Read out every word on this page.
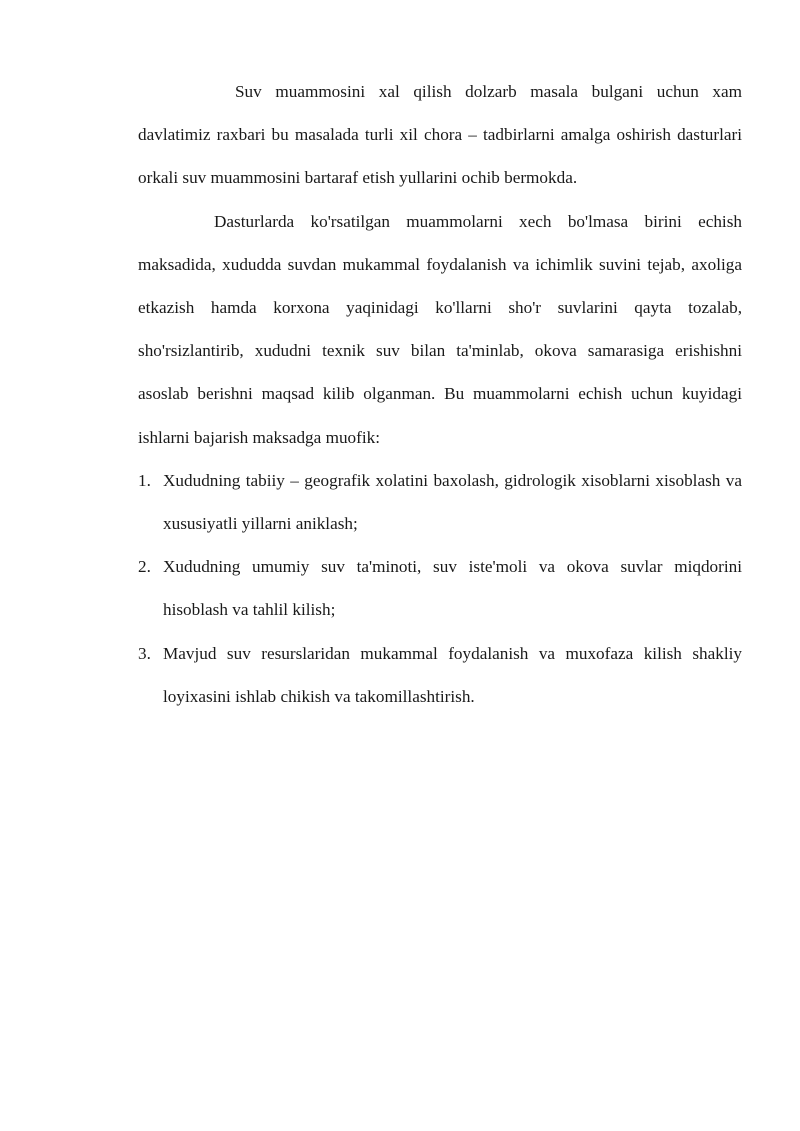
Suv muammosini xal qilish dolzarb masala bulgani uchun xam davlatimiz raxbari bu masalada turli xil chora – tadbirlarni amalga oshirish dasturlari orkali suv muammosini bartaraf etish yullarini ochib bermokda.

Dasturlarda ko'rsatilgan muammolarni xech bo'lmasa birini echish maksadida, xududda suvdan mukammal foydalanish va ichimlik suvini tejab, axoliga etkazish hamda korxona yaqinidagi ko'llarni sho'r suvlarini qayta tozalab, sho'rsizlantirib, xududni texnik suv bilan ta'minlab, okova samarasiga erishishni asoslab berishni maqsad kilib olganman. Bu muammolarni echish uchun kuyidagi ishlarni bajarish maksadga muofik:

1. Xududning tabiiy – geografik xolatini baxolash, gidrologik xisoblarni xisoblash va xususiyatli yillarni aniklash;
2. Xududning umumiy suv ta'minoti, suv iste'moli va okova suvlar miqdorini hisoblash va tahlil kilish;
3. Mavjud suv resurslaridan mukammal foydalanish va muxofaza kilish shakliy loyixasini ishlab chikish va takomillashtirish.
